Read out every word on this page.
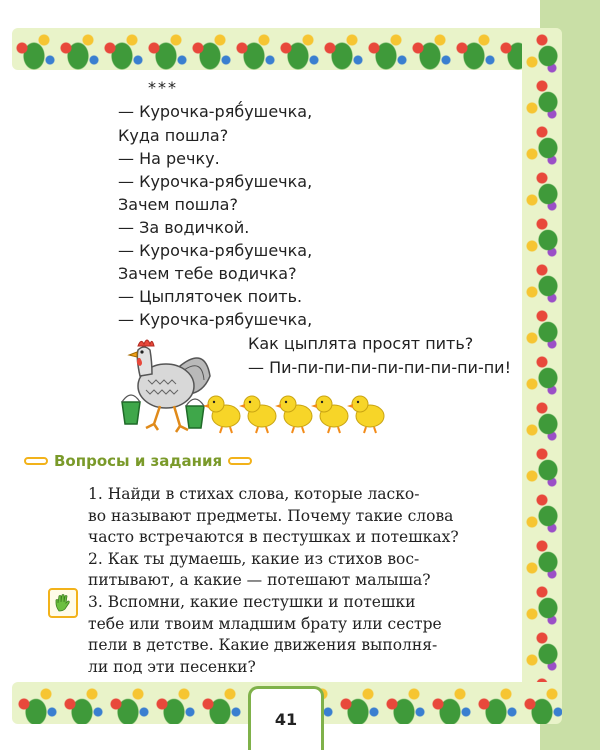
***
— Курочка-ряб́ушечка,
Куда пошла?
— На речку.
— Курочка-рябушечка,
Зачем пошла?
— За водичкой.
— Курочка-рябушечка,
Зачем тебе водичка?
— Цыпляточек поить.
— Курочка-рябушечка,
Как цыплята просят пить?
— Пи-пи-пи-пи-пи-пи-пи-пи-пи!
Вопросы и задания
1. Найди в стихах слова, которые ласко-
во называют предметы. Почему такие слова
часто встречаются в пестушках и потешках?
2. Как ты думаешь, какие из стихов вос-
питывают, а какие — потешают малыша?
3. Вспомни, какие пестушки и потешки
тебе или твоим младшим брату или сестре
пели в детстве. Какие движения выполня-
ли под эти песенки?
41
